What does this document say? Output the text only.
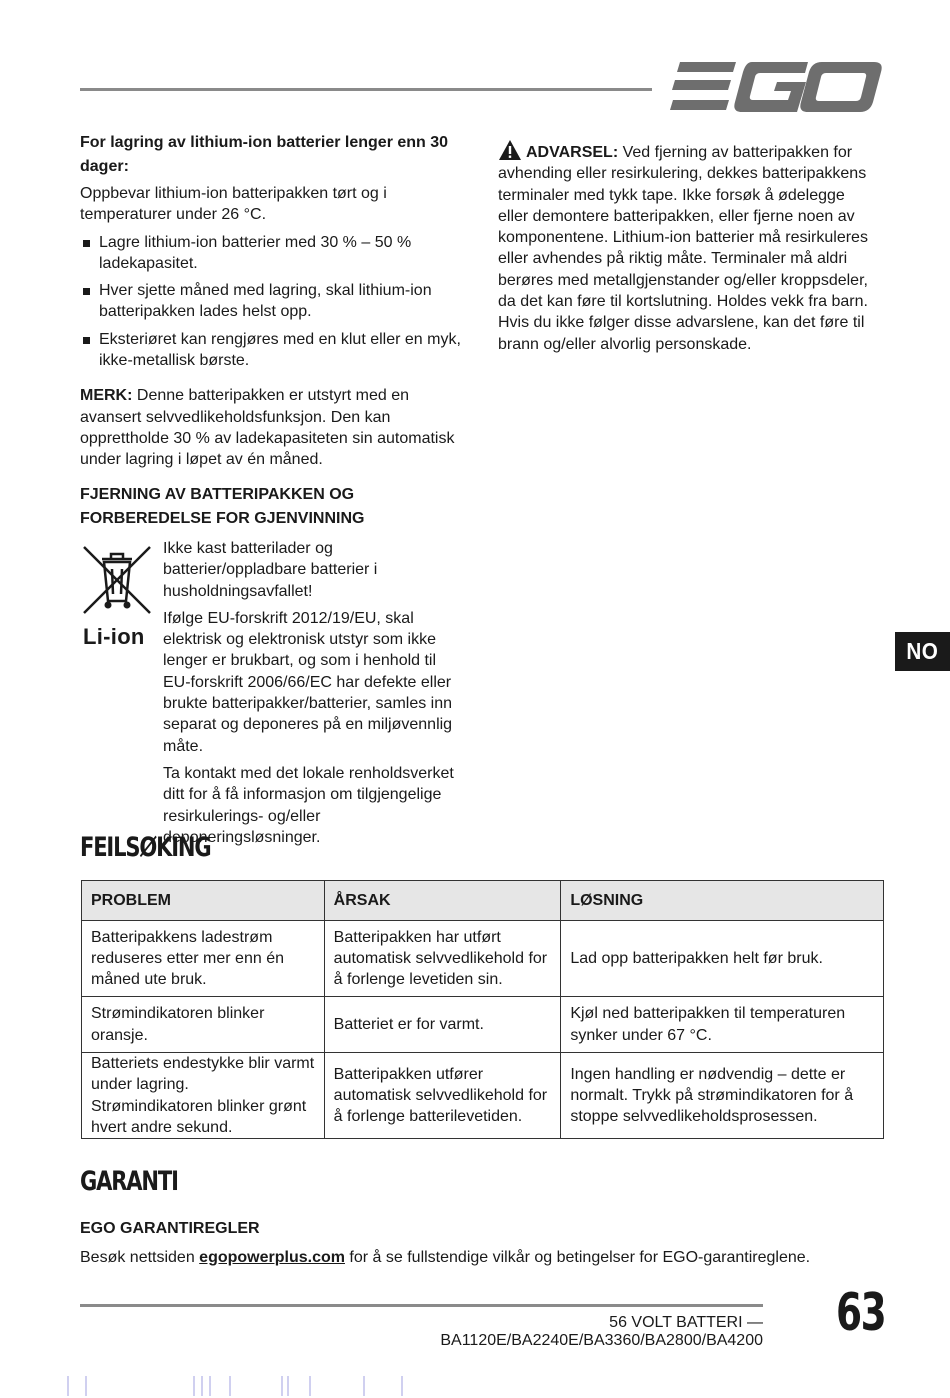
For lagring av lithium-ion batterier lenger enn 30 dager:

Oppbevar lithium-ion batteripakken tørt og i temperaturer under 26 °C.

Lagre lithium-ion batterier med 30 % – 50 % ladekapasitet.
Hver sjette måned med lagring, skal lithium-ion batteripakken lades helst opp.
Eksteriøret kan rengjøres med en klut eller en myk, ikke-metallisk børste.

MERK: Denne batteripakken er utstyrt med en avansert selvvedlikeholdsfunksjon. Den kan opprettholde 30 % av ladekapasiteten sin automatisk under lagring i løpet av én måned.

FJERNING AV BATTERIPAKKEN OG FORBEREDELSE FOR GJENVINNING
Li-ion

Ikke kast batterilader og batterier/oppladbare batterier i husholdningsavfallet!

Ifølge EU-forskrift 2012/19/EU, skal elektrisk og elektronisk utstyr som ikke lenger er brukbart, og som i henhold til EU-forskrift 2006/66/EC har defekte eller brukte batteripakker/batterier, samles inn separat og deponeres på en miljøvennlig måte.

Ta kontakt med det lokale renholdsverket ditt for å få informasjon om tilgjengelige resirkulerings- og/eller deponeringsløsninger.

ADVARSEL: Ved fjerning av batteripakken for avhending eller resirkulering, dekkes batteripakkens terminaler med tykk tape. Ikke forsøk å ødelegge eller demontere batteripakken, eller fjerne noen av komponentene. Lithium-ion batterier må resirkuleres eller avhendes på riktig måte. Terminaler må aldri berøres med metallgjenstander og/eller kroppsdeler, da det kan føre til kortslutning. Holdes vekk fra barn. Hvis du ikke følger disse advarslene, kan det føre til brann og/eller alvorlig personskade.

NO
FEILSØKING
PROBLEM	ÅRSAK	LØSNING
Batteripakkens ladestrøm reduseres etter mer enn én måned ute bruk.	Batteripakken har utført automatisk selvvedlikehold for å forlenge levetiden sin.	Lad opp batteripakken helt før bruk.
Strømindikatoren blinker oransje.	Batteriet er for varmt.	Kjøl ned batteripakken til temperaturen synker under 67 °C.
Batteriets endestykke blir varmt under lagring. Strømindikatoren blinker grønt hvert andre sekund.	Batteripakken utfører automatisk selvvedlikehold for å forlenge batterilevetiden.	Ingen handling er nødvendig – dette er normalt. Trykk på strømindikatoren for å stoppe selvvedlikeholdsprosessen.
GARANTI
EGO GARANTIREGLER
Besøk nettsiden egopowerplus.com for å se fullstendige vilkår og betingelser for EGO-garantireglene.
56 VOLT BATTERI — BA1120E/BA2240E/BA3360/BA2800/BA4200 63
